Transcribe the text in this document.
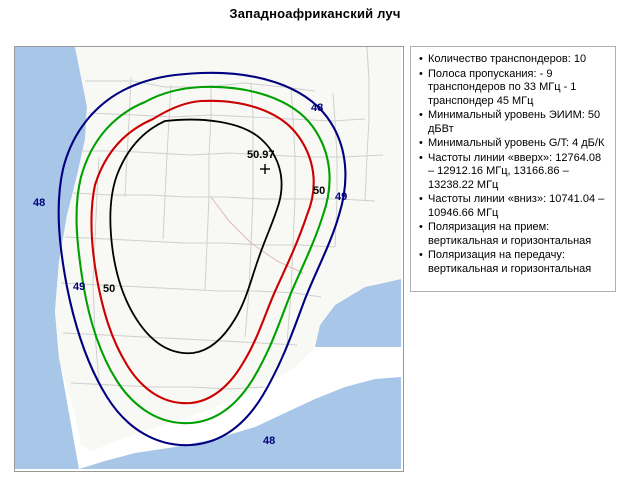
Западноафриканский луч
48
48
48
49
49
50
50
50.97
• Количество транспондеров: 10
• Полоса пропускания: - 9 транспондеров по 33 МГц - 1 транспондер 45 МГц
• Минимальный уровень ЭИИМ: 50 дБВт
• Минимальный уровень G/T: 4 дБ/К
• Частоты линии «вверх»: 12764.08 – 12912.16 МГц, 13166.86 – 13238.22 МГц
• Частоты линии «вниз»: 10741.04 – 10946.66 МГц
• Поляризация на прием: вертикальная и горизонтальная
• Поляризация на передачу: вертикальная и горизонтальная
